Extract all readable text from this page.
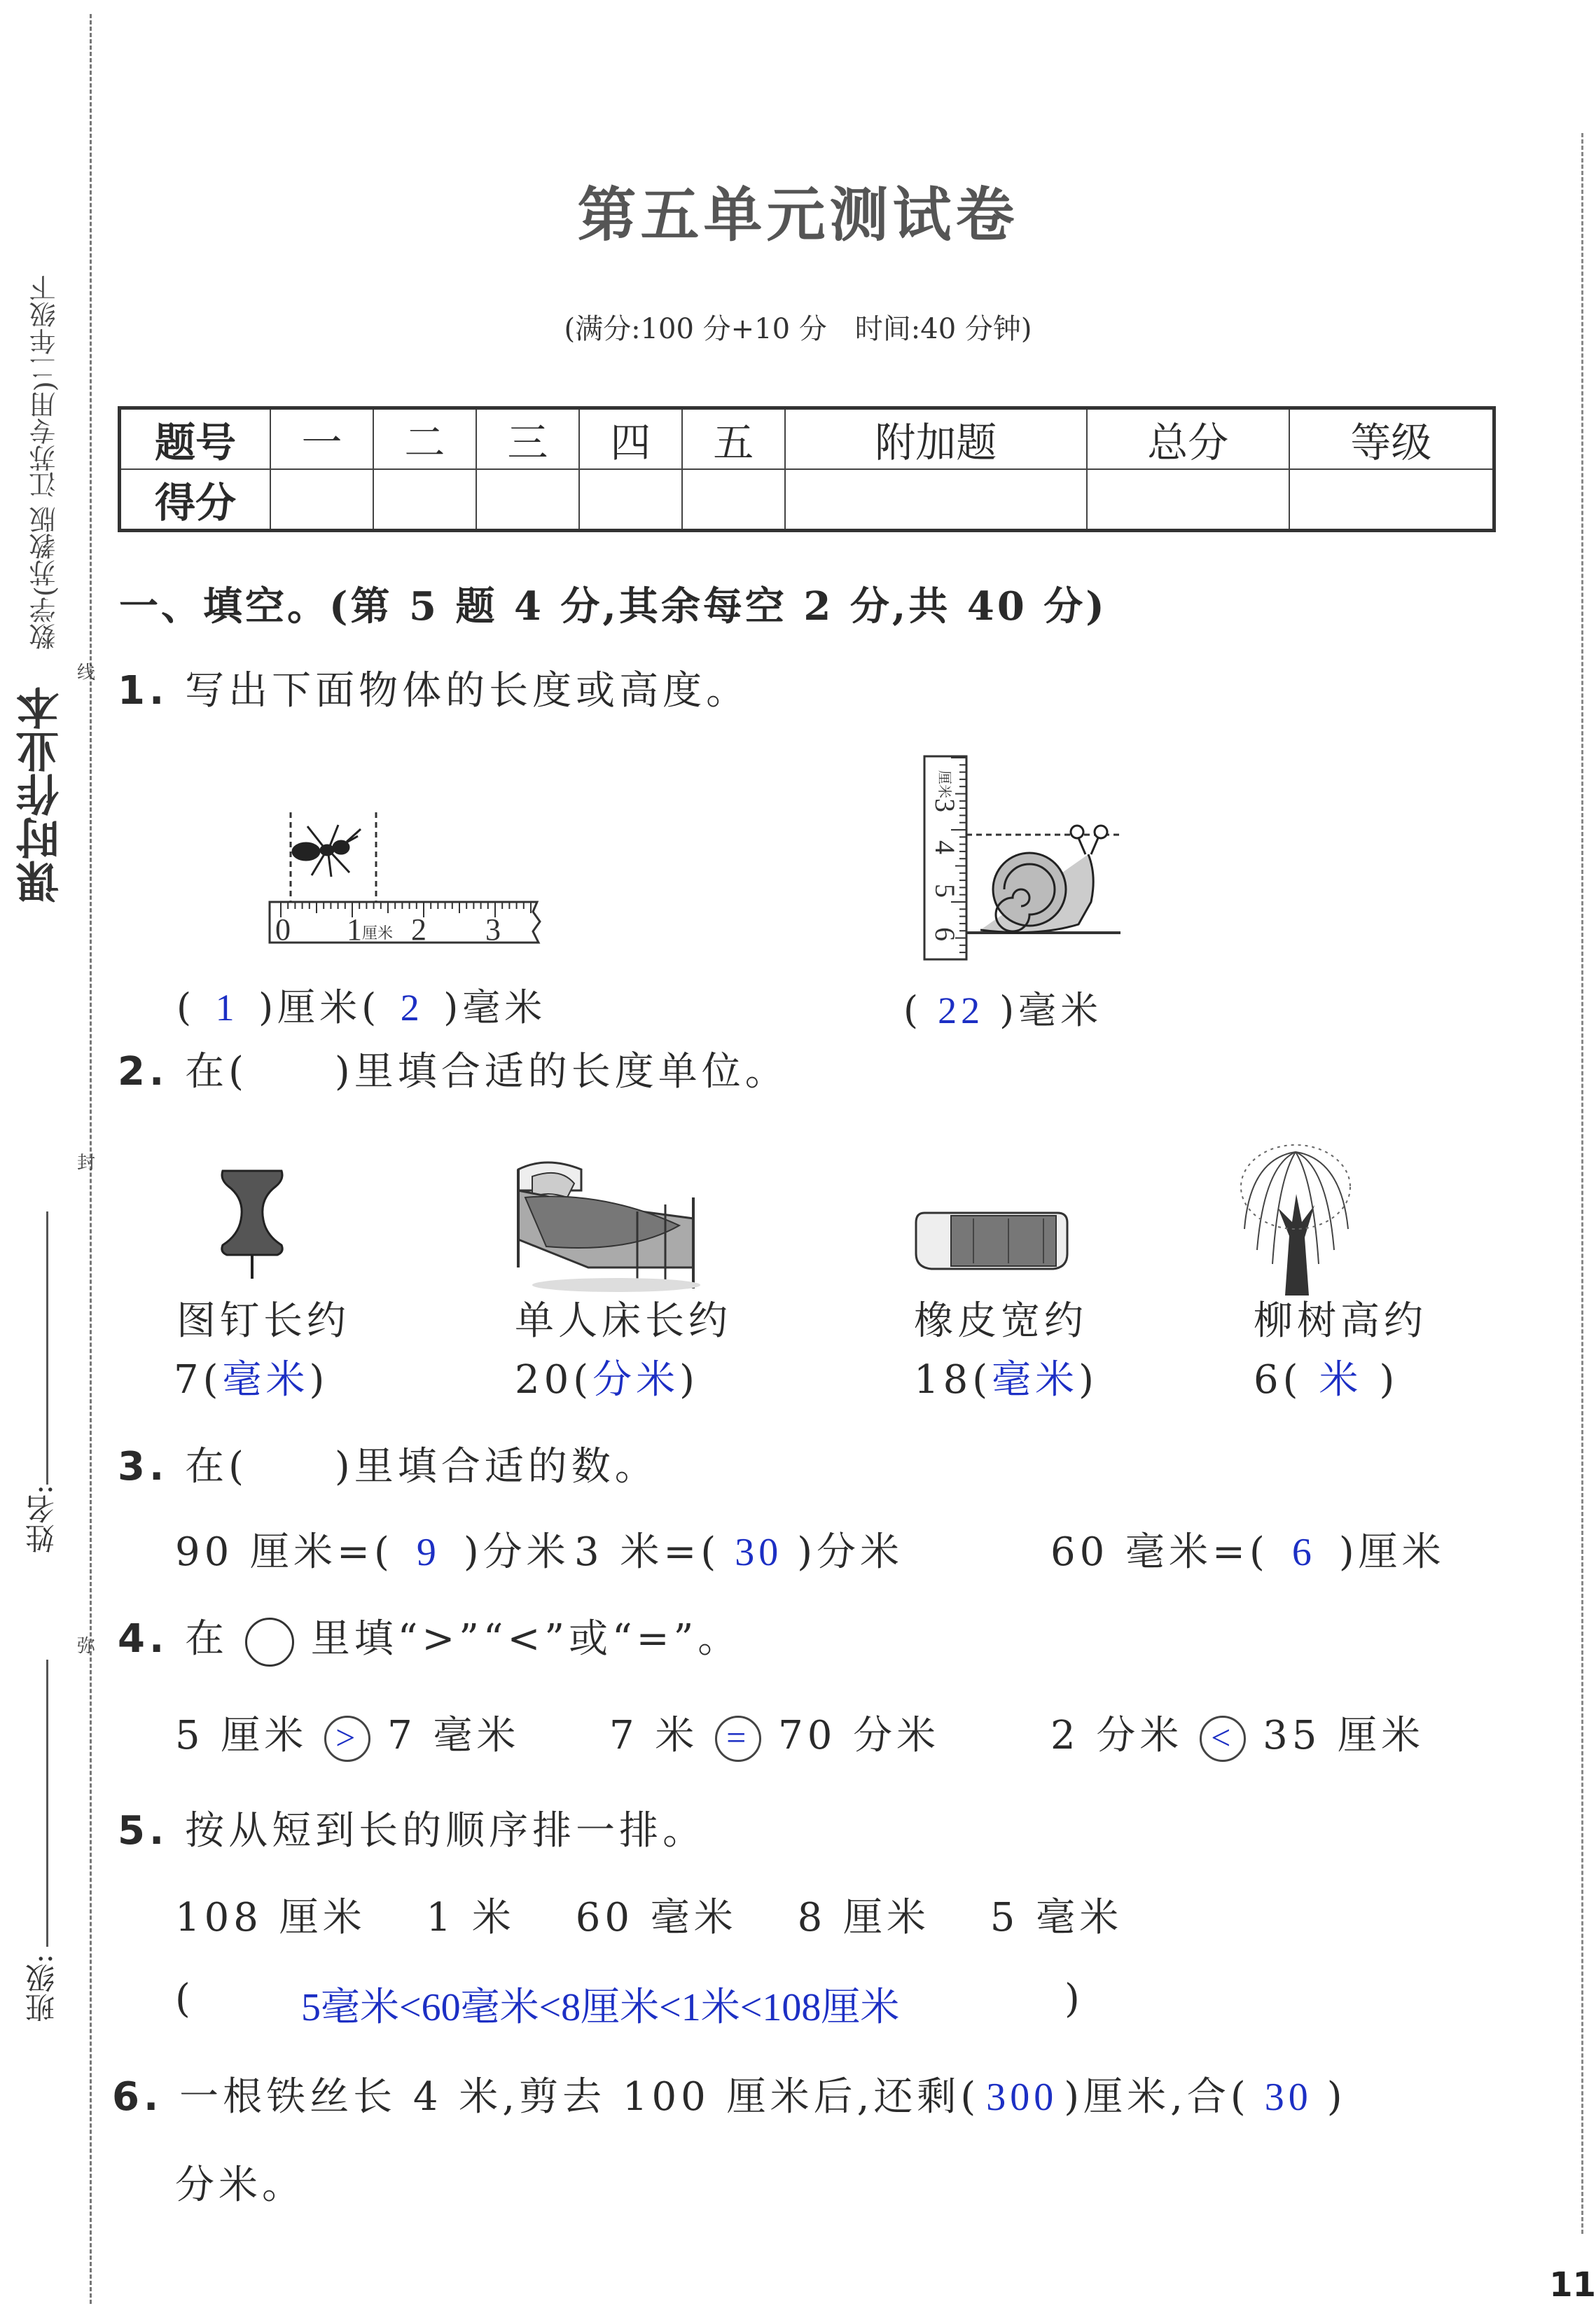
课时作业本
数学(苏教版 江苏专用)二年级下
线
封
弥
姓名:
班级:
第五单元测试卷
(满分:100 分+10 分　时间:40 分钟)
题号	一	二	三	四	五	附加题	总分	等级
得分								
一、填空。(第 5 题 4 分,其余每空 2 分,共 40 分)
1. 写出下面物体的长度或高度。
0 1 厘米 2 3
厘米
3
4
5
6
( 1 )厘米( 2 )毫米	( 22 )毫米
2. 在(　　)里填合适的长度单位。
图钉长约
7(毫米)
单人床长约
20(分米)
橡皮宽约
18(毫米)
柳树高约
6( 米 )
3. 在(　　)里填合适的数。
90 厘米=( 9 )分米 3 米=( 30 )分米	60 毫米=( 6 )厘米
4. 在 里填“>”“<”或“=”。
5 厘米 > 7 毫米 7 米 = 70 分米	2 分米 < 35 厘米
5. 按从短到长的顺序排一排。
108 厘米　 1 米　 60 毫米　 8 厘米　 5 毫米
(	5毫米<60毫米<8厘米<1米<108厘米	)
6. 一根铁丝长 4 米,剪去 100 厘米后,还剩( 300 )厘米,合( 30 )
分米。
11
